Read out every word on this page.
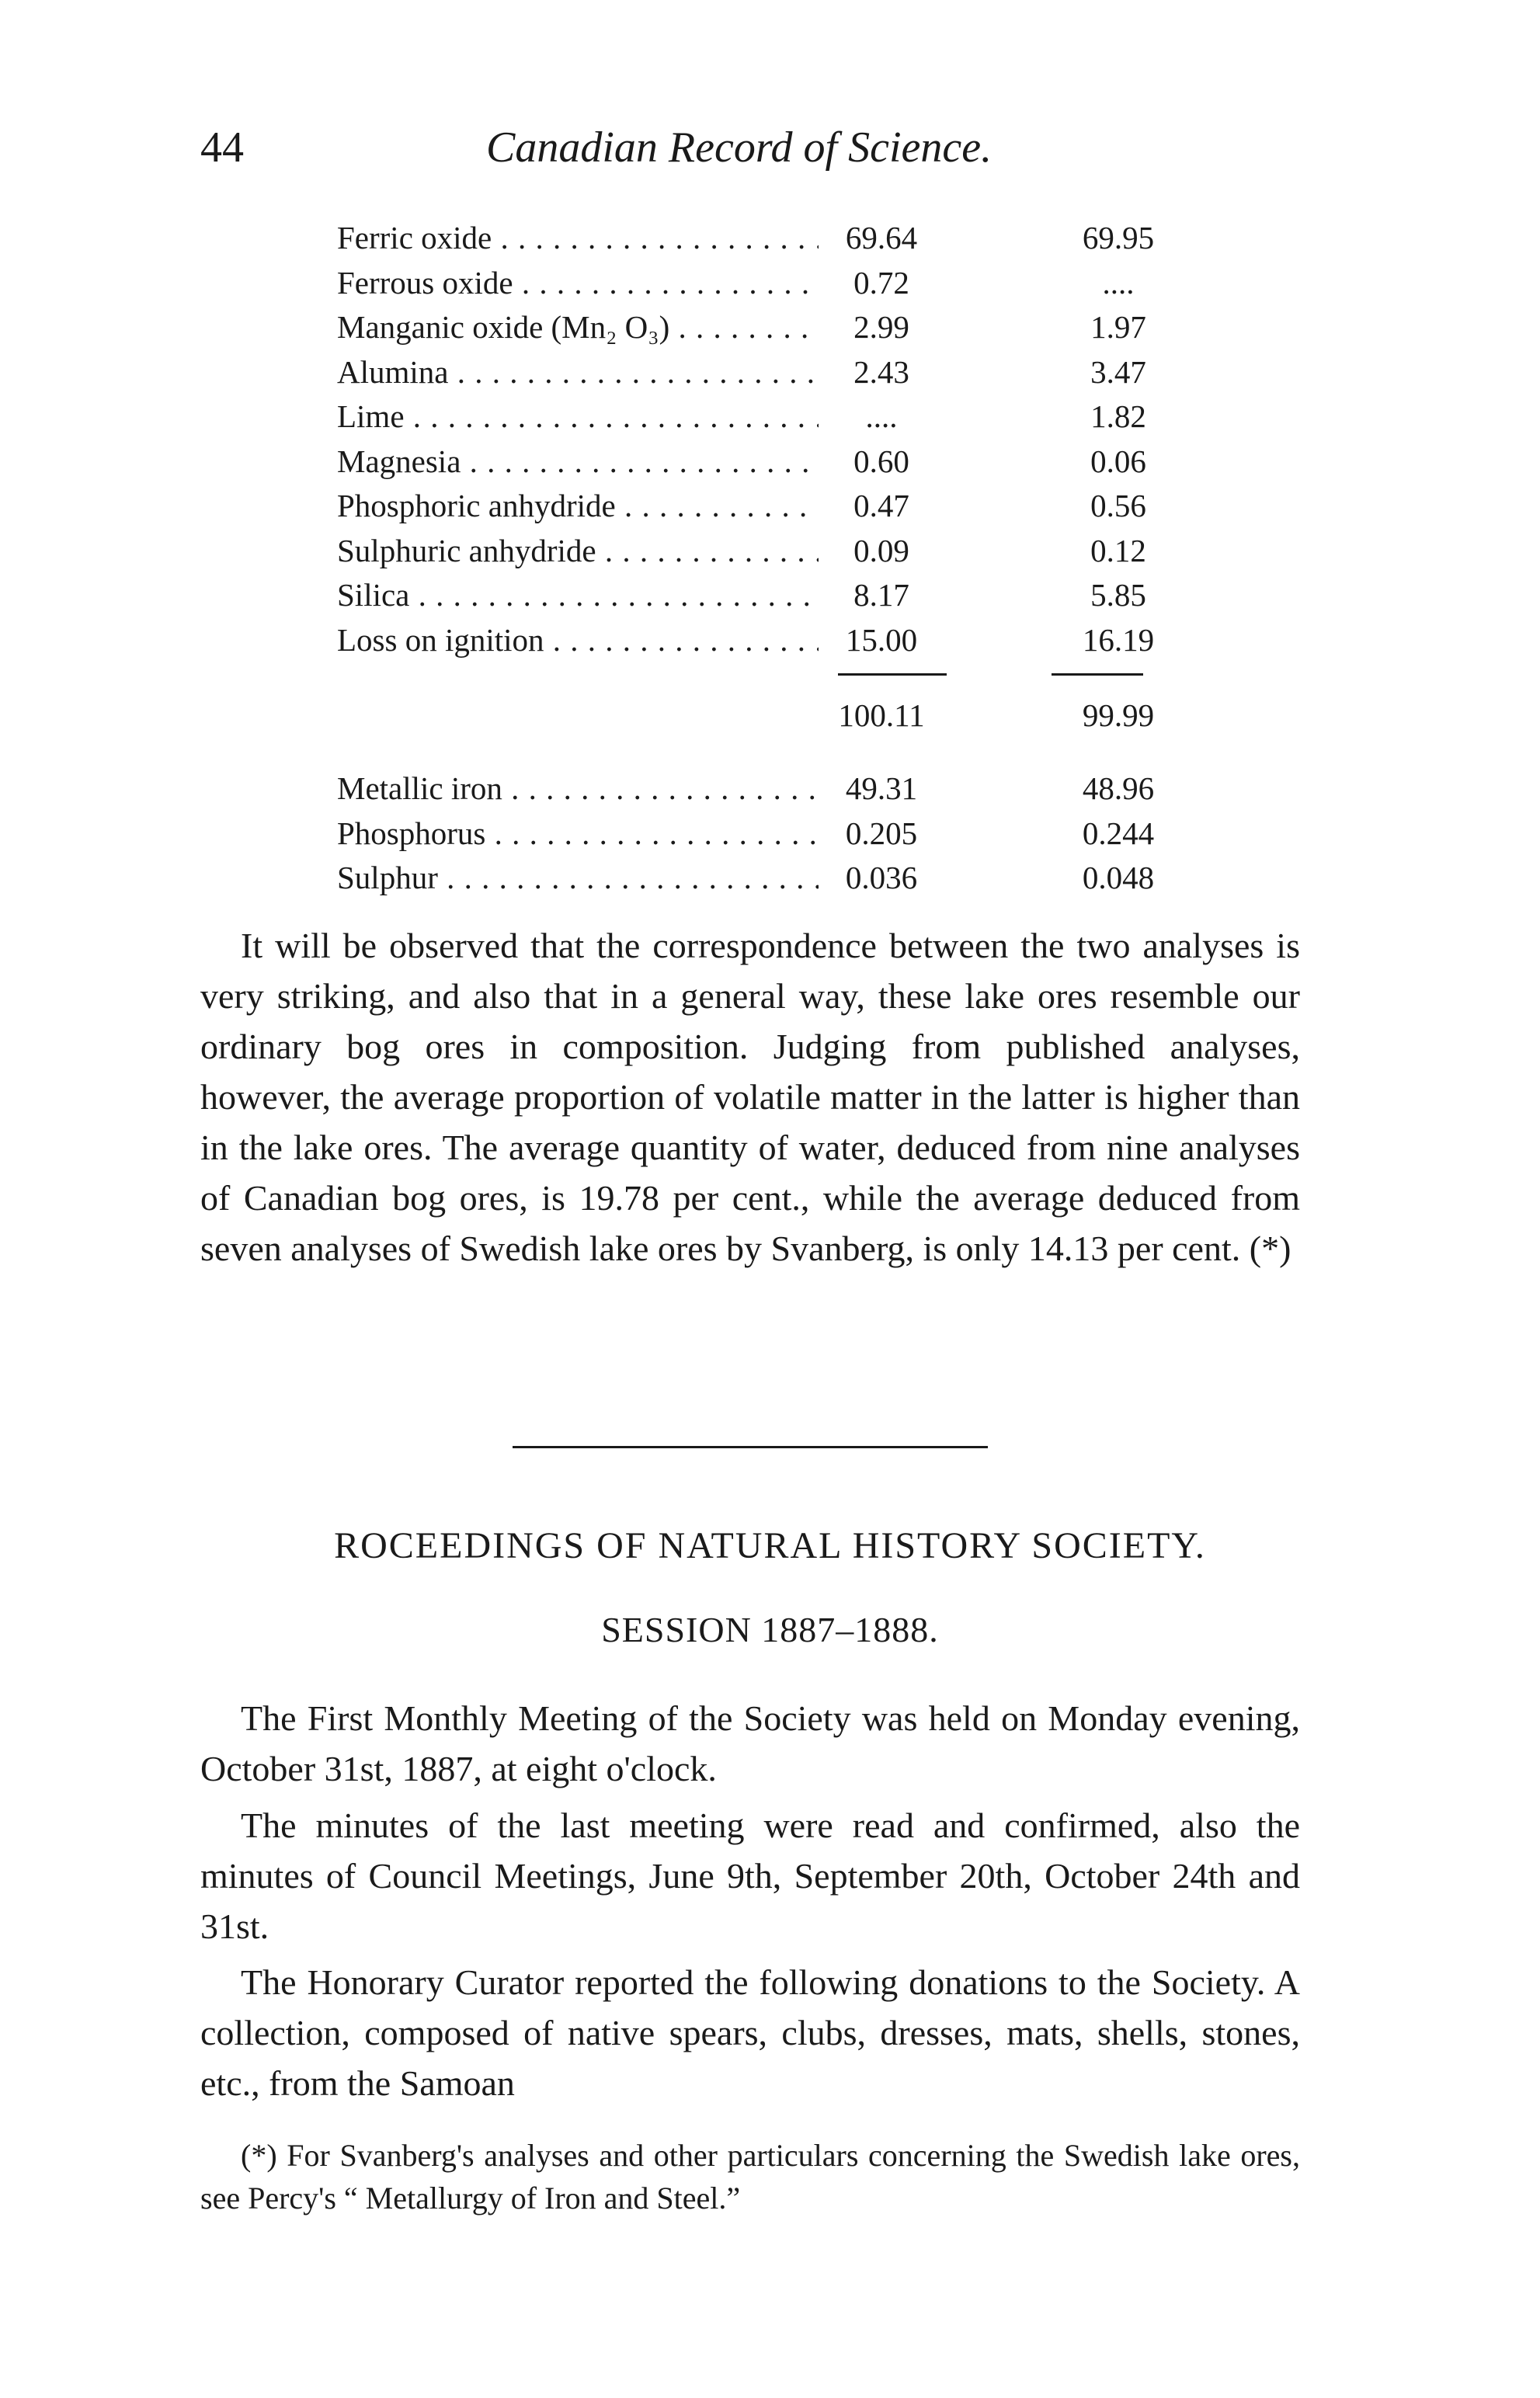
44	Canadian Record of Science.
Ferric oxide . . .	69.64	69.95
Ferrous oxide . . .	0.72	....
Manganic oxide (Mn₂ O₃) . . .	2.99	1.97
Alumina . . .	2.43	3.47
Lime . . .	....	1.82
Magnesia . . .	0.60	0.06
Phosphoric anhydride . . .	0.47	0.56
Sulphuric anhydride . . .	0.09	0.12
Silica . . .	8.17	5.85
Loss on ignition . . .	15.00	16.19
100.11	99.99
Metallic iron . . .	49.31	48.96
Phosphorus . . .	0.205	0.244
Sulphur . . .	0.036	0.048

It will be observed that the correspondence between the two analyses is very striking, and also that in a general way, these lake ores resemble our ordinary bog ores in composition. Judging from published analyses, however, the average proportion of volatile matter in the latter is higher than in the lake ores. The average quantity of water, deduced from nine analyses of Canadian bog ores, is 19.78 per cent., while the average deduced from seven analyses of Swedish lake ores by Svanberg, is only 14.13 per cent. (*)

ROCEEDINGS OF NATURAL HISTORY SOCIETY.
SESSION 1887–1888.

The First Monthly Meeting of the Society was held on Monday evening, October 31st, 1887, at eight o'clock.

The minutes of the last meeting were read and confirmed, also the minutes of Council Meetings, June 9th, September 20th, October 24th and 31st.

The Honorary Curator reported the following donations to the Society. A collection, composed of native spears, clubs, dresses, mats, shells, stones, etc., from the Samoan

(*) For Svanberg's analyses and other particulars concerning the Swedish lake ores, see Percy's “ Metallurgy of Iron and Steel.”
